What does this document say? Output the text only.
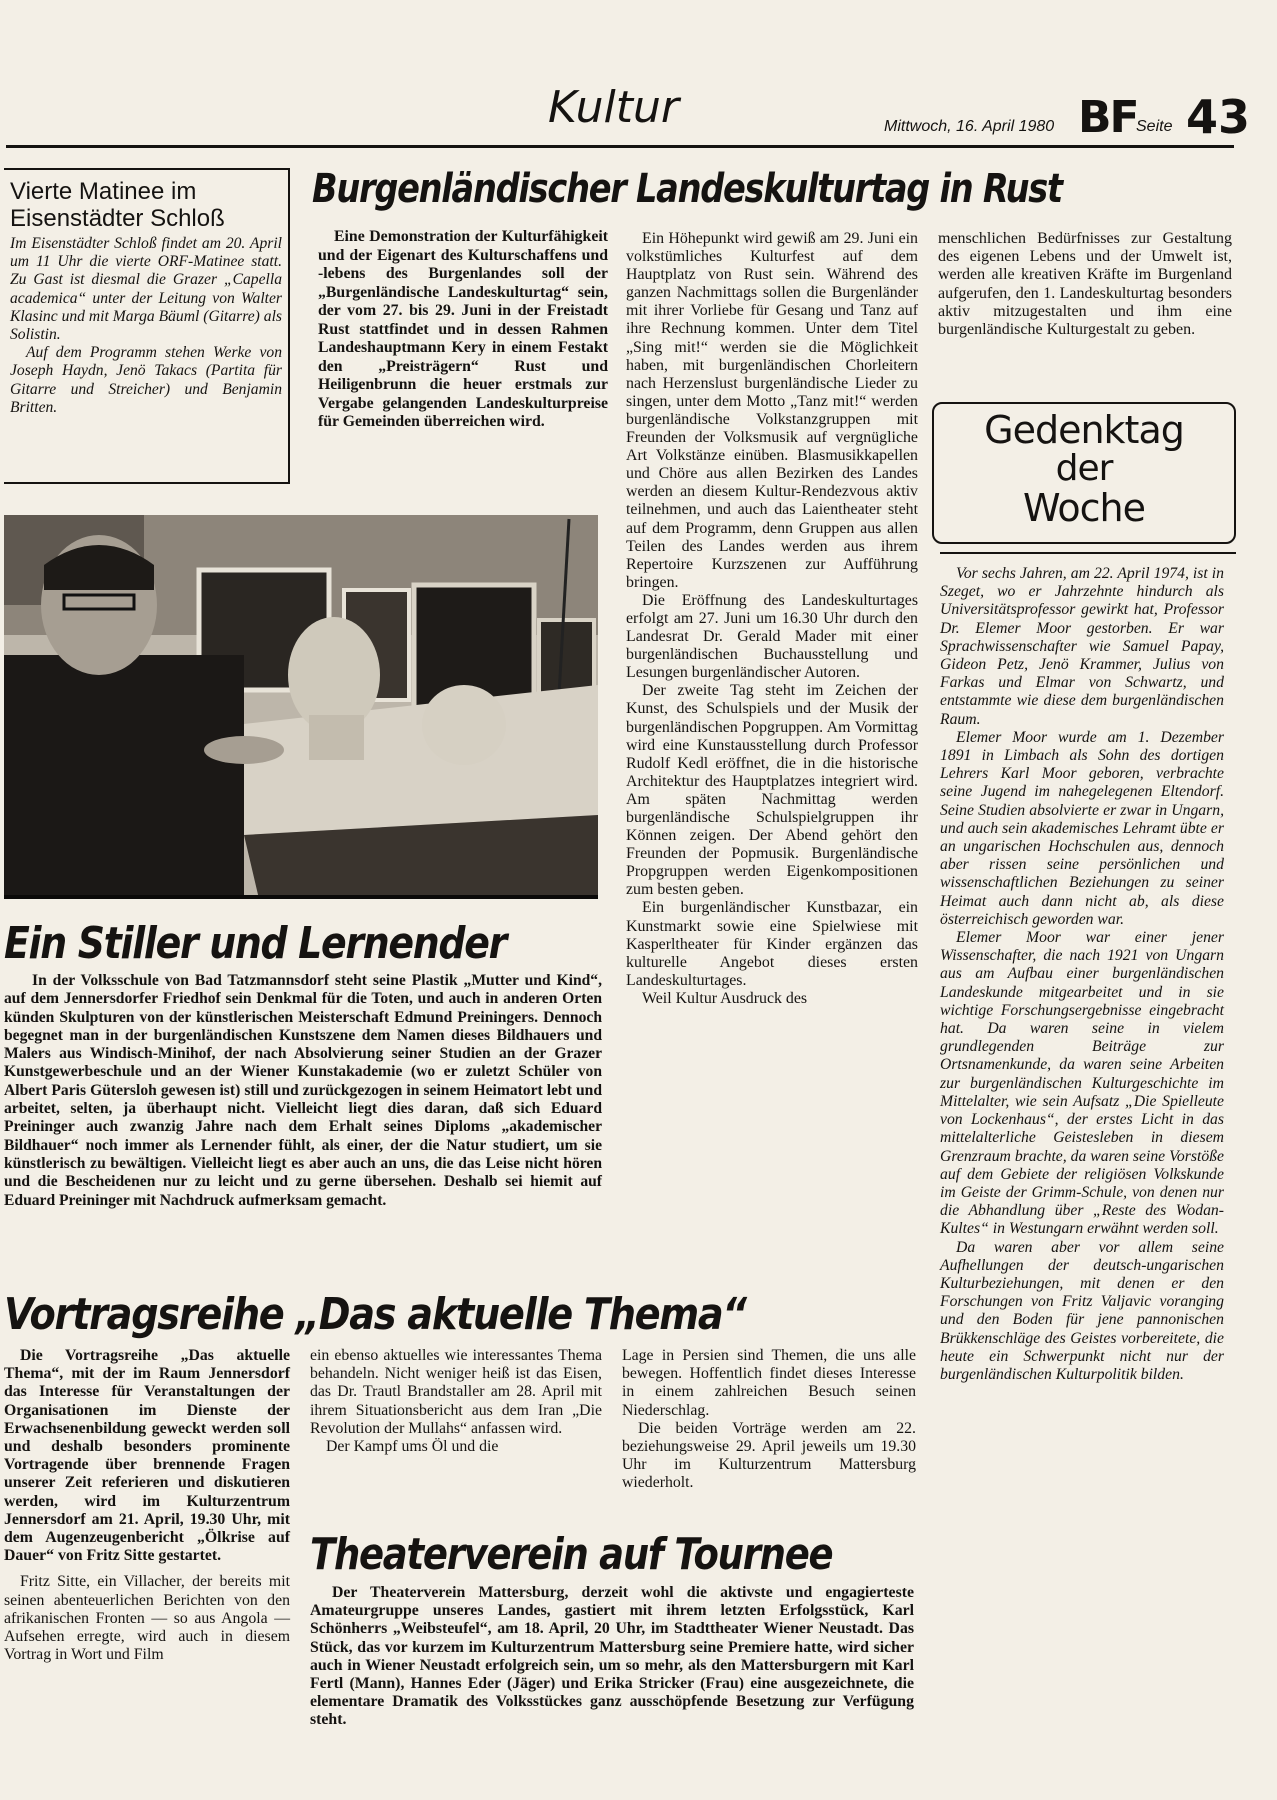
Kultur	Mittwoch, 16. April 1980 BF
Seite 43
Vierte Matinee im Eisenstädter Schloß

Im Eisenstädter Schloß findet am 20. April um 11 Uhr die vierte ORF-Matinee statt. Zu Gast ist diesmal die Grazer „Capella academica“ unter der Leitung von Walter Klasinc und mit Marga Bäuml (Gitarre) als Solistin.

Auf dem Programm stehen Werke von Joseph Haydn, Jenö Takacs (Partita für Gitarre und Streicher) und Benjamin Britten.

Burgenländischer Landeskulturtag in Rust
Eine Demonstration der Kulturfähigkeit und der Eigenart des Kulturschaffens und -lebens des Burgenlandes soll der „Burgenländische Landeskulturtag“ sein, der vom 27. bis 29. Juni in der Freistadt Rust stattfindet und in dessen Rahmen Landeshauptmann Kery in einem Festakt den „Preisträgern“ Rust und Heiligenbrunn die heuer erstmals zur Vergabe gelangenden Landeskulturpreise für Gemeinden überreichen wird.

Ein Höhepunkt wird gewiß am 29. Juni ein volkstümliches Kulturfest auf dem Hauptplatz von Rust sein. Während des ganzen Nachmittags sollen die Burgenländer mit ihrer Vorliebe für Gesang und Tanz auf ihre Rechnung kommen. Unter dem Titel „Sing mit!“ werden sie die Möglichkeit haben, mit burgenländischen Chorleitern nach Herzenslust burgenländische Lieder zu singen, unter dem Motto „Tanz mit!“ werden burgenländische Volkstanzgruppen mit Freunden der Volksmusik auf vergnügliche Art Volkstänze einüben. Blasmusikkapellen und Chöre aus allen Bezirken des Landes werden an diesem Kultur-Rendezvous aktiv teilnehmen, und auch das Laientheater steht auf dem Programm, denn Gruppen aus allen Teilen des Landes werden aus ihrem Repertoire Kurzszenen zur Aufführung bringen.

Die Eröffnung des Landeskulturtages erfolgt am 27. Juni um 16.30 Uhr durch den Landesrat Dr. Gerald Mader mit einer burgenländischen Buchausstellung und Lesungen burgenländischer Autoren.

Der zweite Tag steht im Zeichen der Kunst, des Schulspiels und der Musik der burgenländischen Popgruppen. Am Vormittag wird eine Kunstausstellung durch Professor Rudolf Kedl eröffnet, die in die historische Architektur des Hauptplatzes integriert wird. Am späten Nachmittag werden burgenländische Schulspielgruppen ihr Können zeigen. Der Abend gehört den Freunden der Popmusik. Burgenländische Propgruppen werden Eigenkompositionen zum besten geben.

Ein burgenländischer Kunstbazar, ein Kunstmarkt sowie eine Spielwiese mit Kasperltheater für Kinder ergänzen das kulturelle Angebot dieses ersten Landeskulturtages.

Weil Kultur Ausdruck des

menschlichen Bedürfnisses zur Gestaltung des eigenen Lebens und der Umwelt ist, werden alle kreativen Kräfte im Burgenland aufgerufen, den 1. Landeskulturtag besonders aktiv mitzugestalten und ihm eine burgenländische Kulturgestalt zu geben.
Ein Stiller und Lernender
In der Volksschule von Bad Tatzmannsdorf steht seine Plastik „Mutter und Kind“, auf dem Jennersdorfer Friedhof sein Denkmal für die Toten, und auch in anderen Orten künden Skulpturen von der künstlerischen Meisterschaft Edmund Preiningers. Dennoch begegnet man in der burgenländischen Kunstszene dem Namen dieses Bildhauers und Malers aus Windisch-Minihof, der nach Absolvierung seiner Studien an der Grazer Kunstgewerbeschule und an der Wiener Kunstakademie (wo er zuletzt Schüler von Albert Paris Gütersloh gewesen ist) still und zurückgezogen in seinem Heimatort lebt und arbeitet, selten, ja überhaupt nicht. Vielleicht liegt dies daran, daß sich Eduard Preininger auch zwanzig Jahre nach dem Erhalt seines Diploms „akademischer Bildhauer“ noch immer als Lernender fühlt, als einer, der die Natur studiert, um sie künstlerisch zu bewältigen. Vielleicht liegt es aber auch an uns, die das Leise nicht hören und die Bescheidenen nur zu leicht und zu gerne übersehen. Deshalb sei hiemit auf Eduard Preininger mit Nachdruck aufmerksam gemacht.
Vortragsreihe „Das aktuelle Thema“

Die Vortragsreihe „Das aktuelle Thema“, mit der im Raum Jennersdorf das Interesse für Veranstaltungen der Organisationen im Dienste der Erwachsenenbildung geweckt werden soll und deshalb besonders prominente Vortragende über brennende Fragen unserer Zeit referieren und diskutieren werden, wird im Kulturzentrum Jennersdorf am 21. April, 19.30 Uhr, mit dem Augenzeugenbericht „Ölkrise auf Dauer“ von Fritz Sitte gestartet.

Fritz Sitte, ein Villacher, der bereits mit seinen abenteuerlichen Berichten von den afrikanischen Fronten — so aus Angola — Aufsehen erregte, wird auch in diesem Vortrag in Wort und Film

ein ebenso aktuelles wie interessantes Thema behandeln. Nicht weniger heiß ist das Eisen, das Dr. Trautl Brandstaller am 28. April mit ihrem Situationsbericht aus dem Iran „Die Revolution der Mullahs“ anfassen wird.

Der Kampf ums Öl und die

Lage in Persien sind Themen, die uns alle bewegen. Hoffentlich findet dieses Interesse in einem zahlreichen Besuch seinen Niederschlag.

Die beiden Vorträge werden am 22. beziehungsweise 29. April jeweils um 19.30 Uhr im Kulturzentrum Mattersburg wiederholt.

Theaterverein auf Tournee
Der Theaterverein Mattersburg, derzeit wohl die aktivste und engagierteste Amateurgruppe unseres Landes, gastiert mit ihrem letzten Erfolgsstück, Karl Schönherrs „Weibsteufel“, am 18. April, 20 Uhr, im Stadttheater Wiener Neustadt. Das Stück, das vor kurzem im Kulturzentrum Mattersburg seine Premiere hatte, wird sicher auch in Wiener Neustadt erfolgreich sein, um so mehr, als den Mattersburgern mit Karl Fertl (Mann), Hannes Eder (Jäger) und Erika Stricker (Frau) eine ausgezeichnete, die elementare Dramatik des Volksstückes ganz ausschöpfende Besetzung zur Verfügung steht.
Gedenktag
der
Woche

Vor sechs Jahren, am 22. April 1974, ist in Szeget, wo er Jahrzehnte hindurch als Universitätsprofessor gewirkt hat, Professor Dr. Elemer Moor gestorben. Er war Sprachwissenschafter wie Samuel Papay, Gideon Petz, Jenö Krammer, Julius von Farkas und Elmar von Schwartz, und entstammte wie diese dem burgenländischen Raum.

Elemer Moor wurde am 1. Dezember 1891 in Limbach als Sohn des dortigen Lehrers Karl Moor geboren, verbrachte seine Jugend im nahegelegenen Eltendorf. Seine Studien absolvierte er zwar in Ungarn, und auch sein akademisches Lehramt übte er an ungarischen Hochschulen aus, dennoch aber rissen seine persönlichen und wissenschaftlichen Beziehungen zu seiner Heimat auch dann nicht ab, als diese österreichisch geworden war.

Elemer Moor war einer jener Wissenschafter, die nach 1921 von Ungarn aus am Aufbau einer burgenländischen Landeskunde mitgearbeitet und in sie wichtige Forschungsergebnisse eingebracht hat. Da waren seine in vielem grundlegenden Beiträge zur Ortsnamenkunde, da waren seine Arbeiten zur burgenländischen Kulturgeschichte im Mittelalter, wie sein Aufsatz „Die Spielleute von Lockenhaus“, der erstes Licht in das mittelalterliche Geistesleben in diesem Grenzraum brachte, da waren seine Vorstöße auf dem Gebiete der religiösen Volkskunde im Geiste der Grimm-Schule, von denen nur die Abhandlung über „Reste des Wodan-Kultes“ in Westungarn erwähnt werden soll.

Da waren aber vor allem seine Aufhellungen der deutsch-ungarischen Kulturbeziehungen, mit denen er den Forschungen von Fritz Valjavic voranging und den Boden für jene pannonischen Brükkenschläge des Geistes vorbereitete, die heute ein Schwerpunkt nicht nur der burgenländischen Kulturpolitik bilden.
